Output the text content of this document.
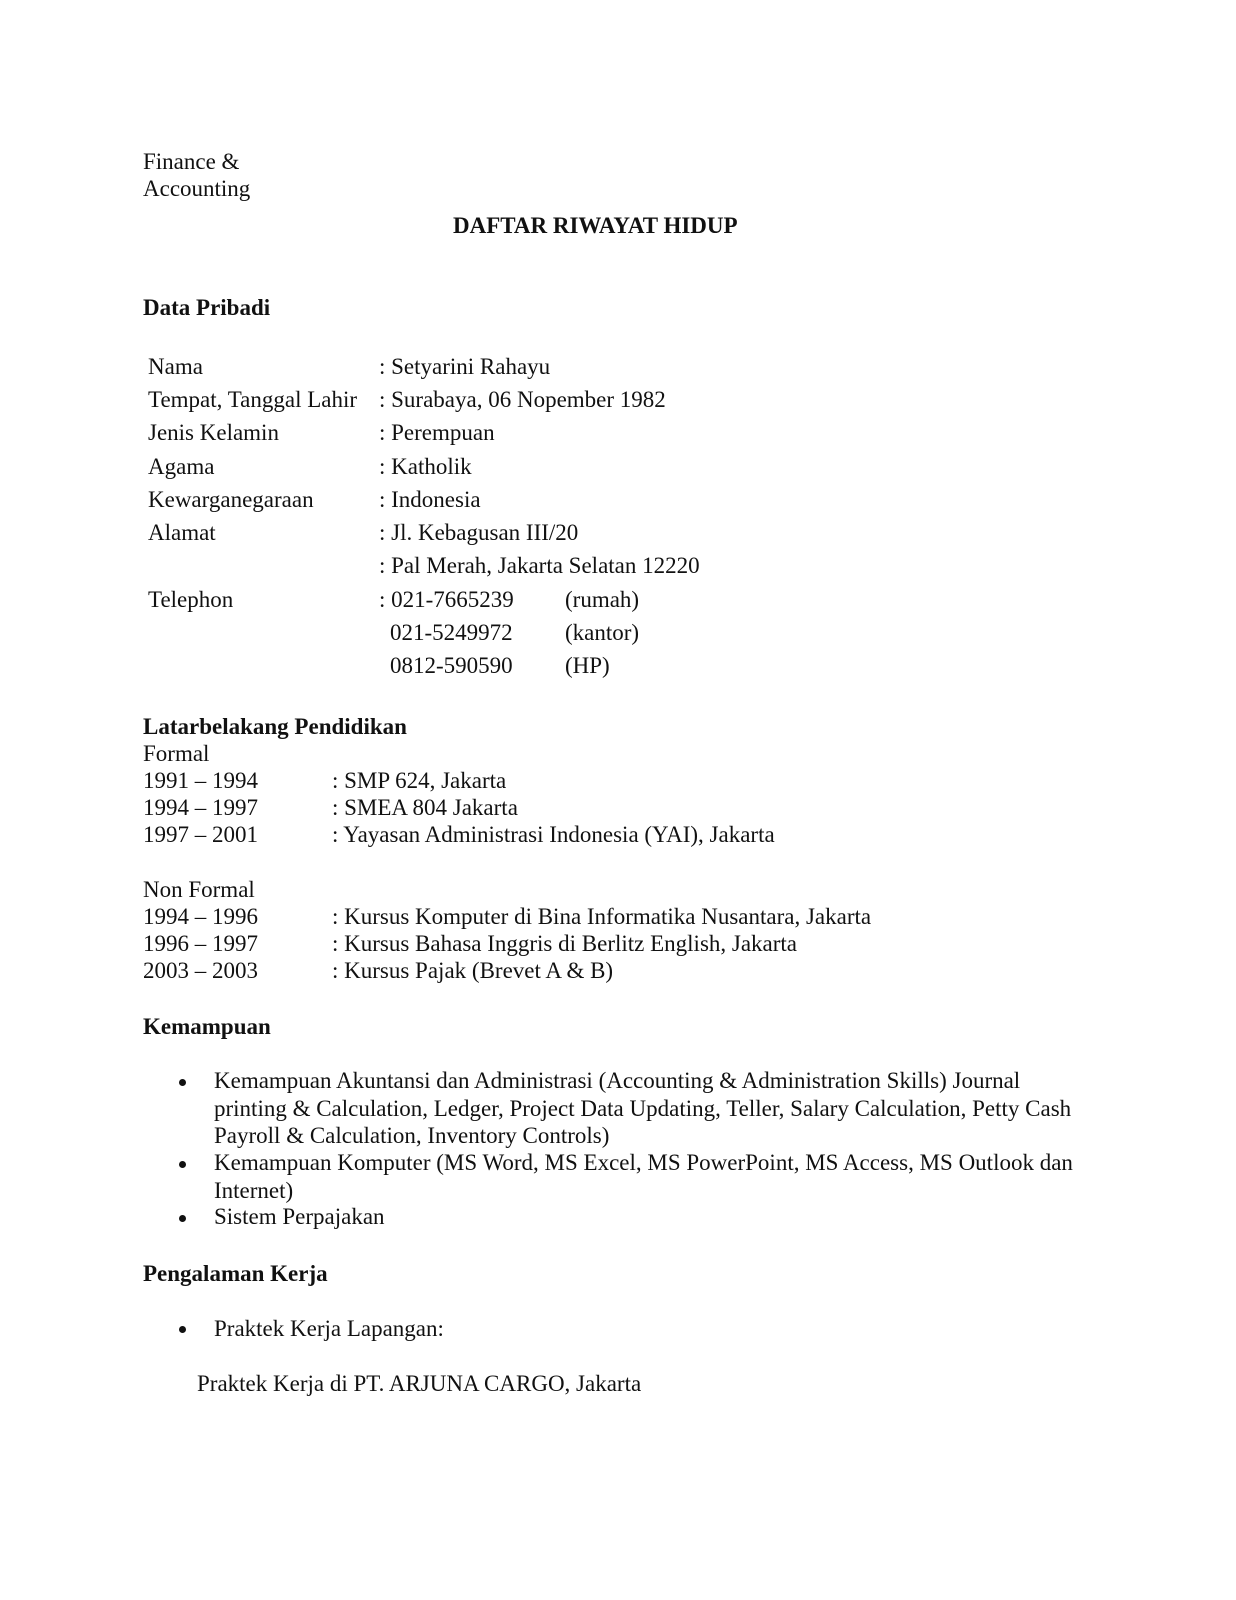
Finance &
Accounting
DAFTAR RIWAYAT HIDUP
Data Pribadi
Nama	: Setyarini Rahayu
Tempat, Tanggal Lahir : Surabaya, 06 Nopember 1982
Jenis Kelamin	: Perempuan
Agama	: Katholik
Kewarganegaraan	: Indonesia
Alamat	: Jl. Kebagusan III/20
: Pal Merah, Jakarta Selatan 12220
Telephon	: 021-7665239 (rumah)
021-5249972 (kantor)
0812-590590 (HP)
Latarbelakang Pendidikan
Formal
1991 – 1994	: SMP 624, Jakarta
1994 – 1997	: SMEA 804 Jakarta
1997 – 2001	: Yayasan Administrasi Indonesia (YAI), Jakarta
Non Formal
1994 – 1996	: Kursus Komputer di Bina Informatika Nusantara, Jakarta
1996 – 1997	: Kursus Bahasa Inggris di Berlitz English, Jakarta
2003 – 2003	: Kursus Pajak (Brevet A & B)
Kemampuan
Kemampuan Akuntansi dan Administrasi (Accounting & Administration Skills) Journal printing & Calculation, Ledger, Project Data Updating, Teller, Salary Calculation, Petty Cash Payroll & Calculation, Inventory Controls)
Kemampuan Komputer (MS Word, MS Excel, MS PowerPoint, MS Access, MS Outlook dan Internet)
Sistem Perpajakan
Pengalaman Kerja
Praktek Kerja Lapangan:
Praktek Kerja di PT. ARJUNA CARGO, Jakarta
